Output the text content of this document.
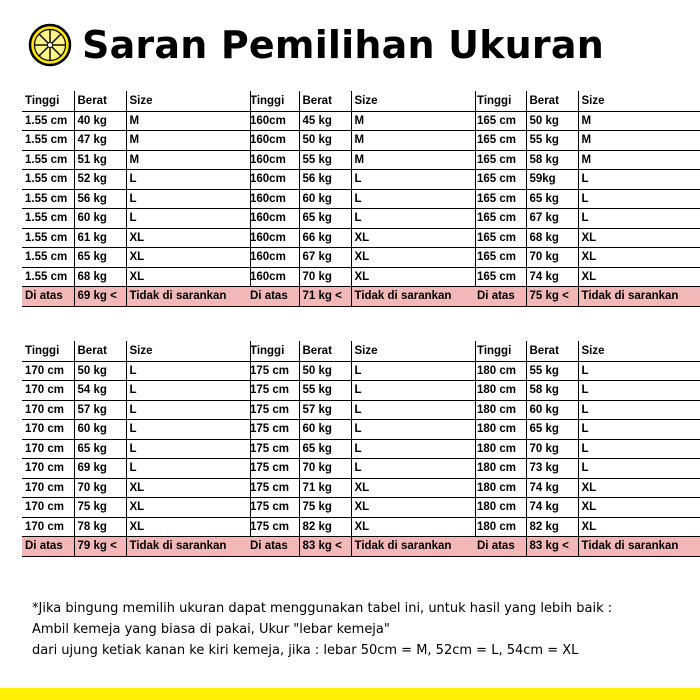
Saran Pemilihan Ukuran
Tinggi	Berat	Size
1.55 cm	40 kg	M
1.55 cm	47 kg	M
1.55 cm	51 kg	M
1.55 cm	52 kg	L
1.55 cm	56 kg	L
1.55 cm	60 kg	L
1.55 cm	61 kg	XL
1.55 cm	65 kg	XL
1.55 cm	68 kg	XL
Di atas	69 kg <	Tidak di sarankan
Tinggi	Berat	Size
160cm	45 kg	M
160cm	50 kg	M
160cm	55 kg	M
160cm	56 kg	L
160cm	60 kg	L
160cm	65 kg	L
160cm	66 kg	XL
160cm	67 kg	XL
160cm	70 kg	XL
Di atas	71 kg <	Tidak di sarankan
Tinggi	Berat	Size
165 cm	50 kg	M
165 cm	55 kg	M
165 cm	58 kg	M
165 cm	59kg	L
165 cm	65 kg	L
165 cm	67 kg	L
165 cm	68 kg	XL
165 cm	70 kg	XL
165 cm	74 kg	XL
Di atas	75 kg <	Tidak di sarankan
Tinggi	Berat	Size
170 cm	50 kg	L
170 cm	54 kg	L
170 cm	57 kg	L
170 cm	60 kg	L
170 cm	65 kg	L
170 cm	69 kg	L
170 cm	70 kg	XL
170 cm	75 kg	XL
170 cm	78 kg	XL
Di atas	79 kg <	Tidak di sarankan
Tinggi	Berat	Size
175 cm	50 kg	L
175 cm	55 kg	L
175 cm	57 kg	L
175 cm	60 kg	L
175 cm	65 kg	L
175 cm	70 kg	L
175 cm	71 kg	XL
175 cm	75 kg	XL
175 cm	82 kg	XL
Di atas	83 kg <	Tidak di sarankan
Tinggi	Berat	Size
180 cm	55 kg	L
180 cm	58 kg	L
180 cm	60 kg	L
180 cm	65 kg	L
180 cm	70 kg	L
180 cm	73 kg	L
180 cm	74 kg	XL
180 cm	74 kg	XL
180 cm	82 kg	XL
Di atas	83 kg <	Tidak di sarankan
*Jika bingung memilih ukuran dapat menggunakan tabel ini, untuk hasil yang lebih baik :
Ambil kemeja yang biasa di pakai, Ukur "lebar kemeja"
dari ujung ketiak kanan ke kiri kemeja, jika : lebar 50cm = M, 52cm = L, 54cm = XL
